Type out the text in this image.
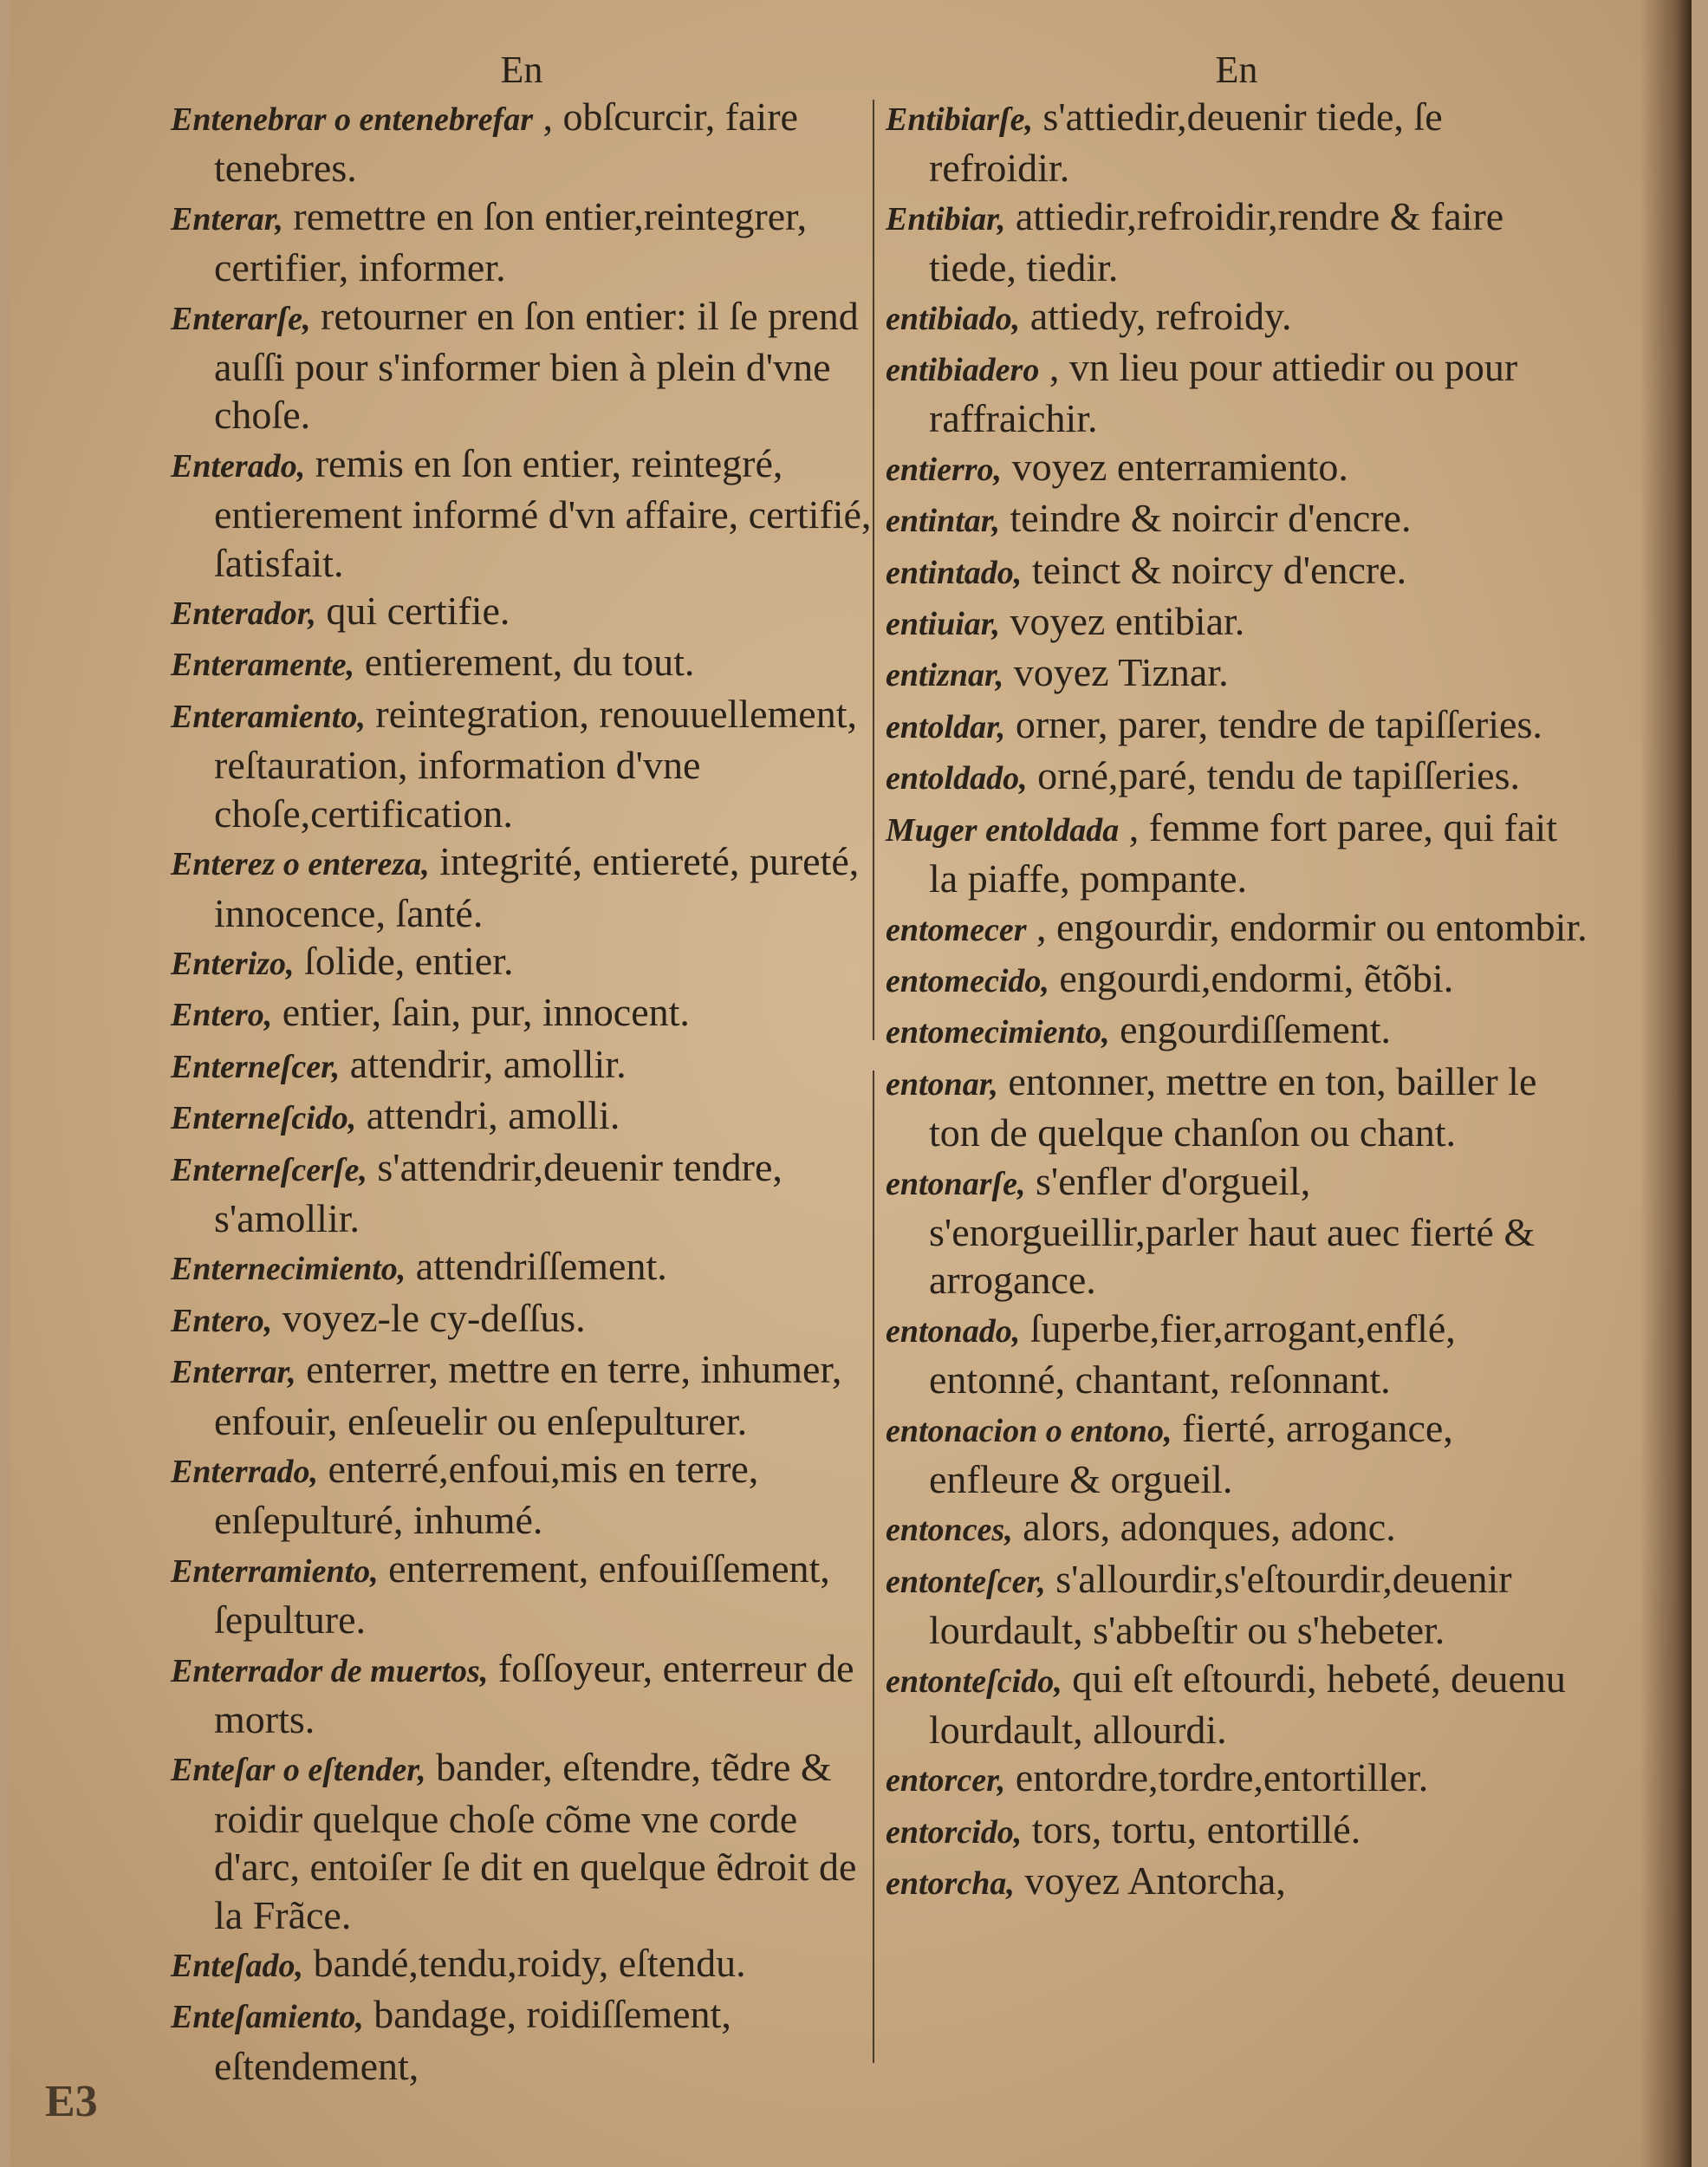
En
Entenebrar o entenebrefar , obſcurcir, faire tenebres.
Enterar, remettre en ſon entier,reintegrer, certifier, informer.
Enterarſe, retourner en ſon entier: il ſe prend auſſi pour s'informer bien à plein d'vne choſe.
Enterado, remis en ſon entier, reintegré, entierement informé d'vn affaire, certifié, ſatisfait.
Enterador, qui certifie.
Enteramente, entierement, du tout.
Enteramiento, reintegration, renouuellement, reſtauration, information d'vne choſe,certification.
Enterez o entereza, integrité, entiereté, pureté, innocence, ſanté.
Enterizo, ſolide, entier.
Entero, entier, ſain, pur, innocent.
Enterneſcer, attendrir, amollir.
Enterneſcido, attendri, amolli.
Enterneſcerſe, s'attendrir,deuenir tendre, s'amollir.
Enternecimiento, attendriſſement.
Entero, voyez-le cy-deſſus.
Enterrar, enterrer, mettre en terre, inhumer, enfouir, enſeuelir ou enſepulturer.
Enterrado, enterré,enfoui,mis en terre, enſepulturé, inhumé.
Enterramiento, enterrement, enfouiſſement, ſepulture.
Enterrador de muertos, foſſoyeur, enterreur de morts.
Enteſar o eſtender, bander, eſtendre, tẽdre & roidir quelque choſe cõme vne corde d'arc, entoiſer ſe dit en quelque ẽdroit de la Frãce.
Enteſado, bandé,tendu,roidy, eſtendu.
Enteſamiento, bandage, roidiſſement, eſtendement,
En
Entibiarſe, s'attiedir,deuenir tiede, ſe refroidir.
Entibiar, attiedir,refroidir,rendre & faire tiede, tiedir.
entibiado, attiedy, refroidy.
entibiadero , vn lieu pour attiedir ou pour raffraichir.
entierro, voyez enterramiento.
entintar, teindre & noircir d'encre.
entintado, teinct & noircy d'encre.
entiuiar, voyez entibiar.
entiznar, voyez Tiznar.
entoldar, orner, parer, tendre de tapiſſeries.
entoldado, orné,paré, tendu de tapiſſeries.
Muger entoldada , femme fort paree, qui fait la piaffe, pompante.
entomecer , engourdir, endormir ou entombir.
entomecido, engourdi,endormi, ẽtõbi.
entomecimiento, engourdiſſement.
entonar, entonner, mettre en ton, bailler le ton de quelque chanſon ou chant.
entonarſe, s'enfler d'orgueil, s'enorgueillir,parler haut auec fierté & arrogance.
entonado, ſuperbe,fier,arrogant,enflé, entonné, chantant, reſonnant.
entonacion o entono, fierté, arrogance, enfleure & orgueil.
entonces, alors, adonques, adonc.
entonteſcer, s'allourdir,s'eſtourdir,deuenir lourdault, s'abbeſtir ou s'hebeter.
entonteſcido, qui eſt eſtourdi, hebeté, deuenu lourdault, allourdi.
entorcer, entordre,tordre,entortiller.
entorcido, tors, tortu, entortillé.
entorcha, voyez Antorcha,
E3
